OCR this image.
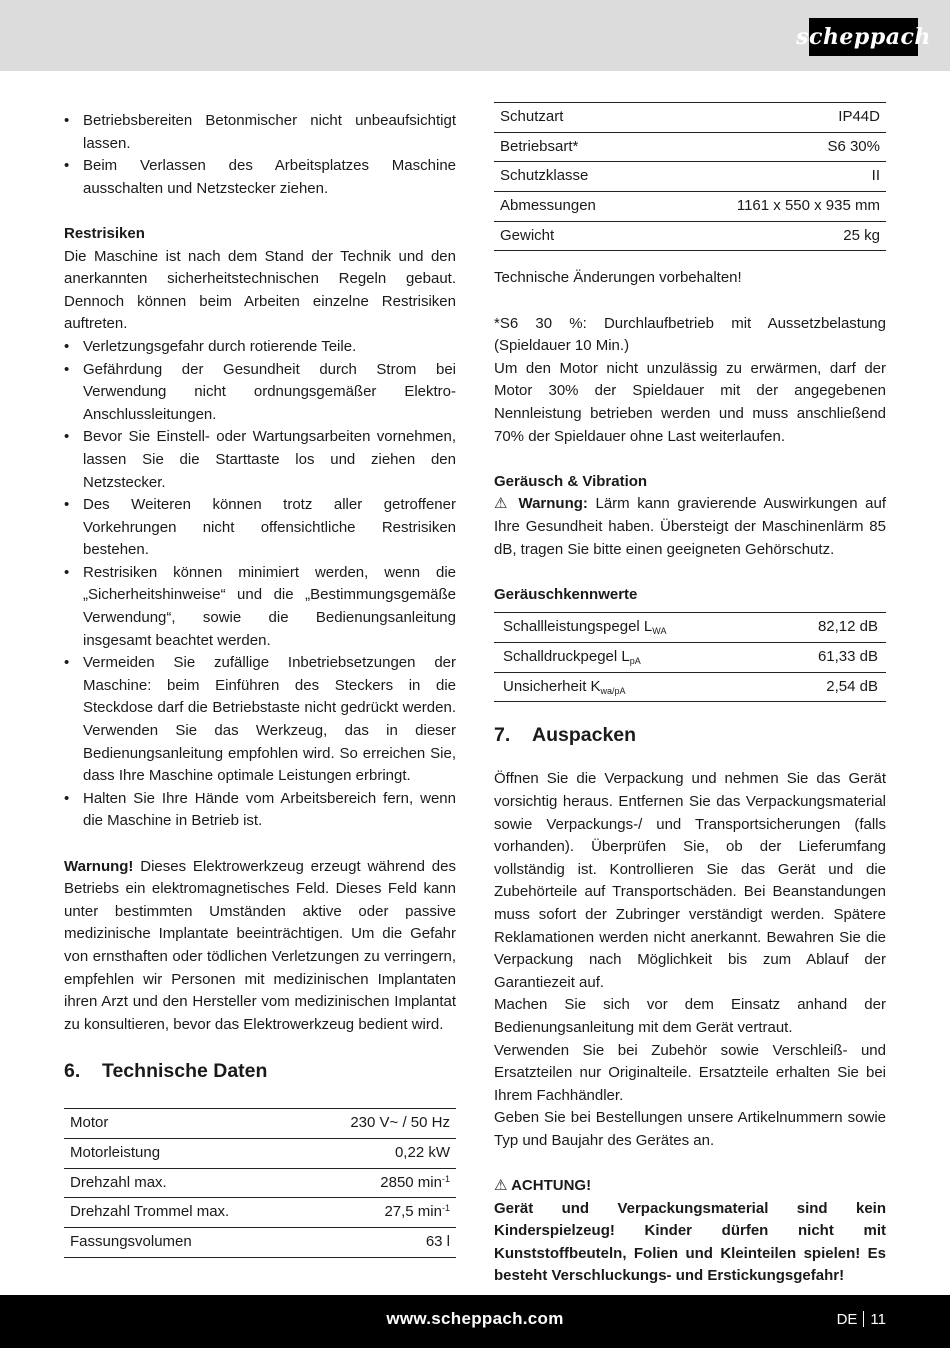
scheppach
• Betriebsbereiten Betonmischer nicht unbeaufsichtigt lassen.
• Beim Verlassen des Arbeitsplatzes Maschine ausschalten und Netzstecker ziehen.

Restrisiken

Die Maschine ist nach dem Stand der Technik und den anerkannten sicherheitstechnischen Regeln gebaut. Dennoch können beim Arbeiten einzelne Restrisiken auftreten.

• Verletzungsgefahr durch rotierende Teile.
• Gefährdung der Gesundheit durch Strom bei Verwendung nicht ordnungsgemäßer Elektro-Anschlussleitungen.
• Bevor Sie Einstell- oder Wartungsarbeiten vornehmen, lassen Sie die Starttaste los und ziehen den Netzstecker.
• Des Weiteren können trotz aller getroffener Vorkehrungen nicht offensichtliche Restrisiken bestehen.
• Restrisiken können minimiert werden, wenn die „Sicherheitshinweise“ und die „Bestimmungsgemäße Verwendung“, sowie die Bedienungsanleitung insgesamt beachtet werden.
• Vermeiden Sie zufällige Inbetriebsetzungen der Maschine: beim Einführen des Steckers in die Steckdose darf die Betriebstaste nicht gedrückt werden. Verwenden Sie das Werkzeug, das in dieser Bedienungsanleitung empfohlen wird. So erreichen Sie, dass Ihre Maschine optimale Leistungen erbringt.
• Halten Sie Ihre Hände vom Arbeitsbereich fern, wenn die Maschine in Betrieb ist.

Warnung! Dieses Elektrowerkzeug erzeugt während des Betriebs ein elektromagnetisches Feld. Dieses Feld kann unter bestimmten Umständen aktive oder passive medizinische Implantate beeinträchtigen. Um die Gefahr von ernsthaften oder tödlichen Verletzungen zu verringern, empfehlen wir Personen mit medizinischen Implantaten ihren Arzt und den Hersteller vom medizinischen Implantat zu konsultieren, bevor das Elektrowerkzeug bedient wird.

6. Technische Daten
Motor	230 V~ / 50 Hz
Motorleistung	0,22 kW
Drehzahl max.	2850 $\min^{-1}$
Drehzahl Trommel max.	27,5 $\min^{-1}$
Fassungsvolumen	63 l
Schutzart	IP44D
Betriebsart*	S6 30%
Schutzklasse	II
Abmessungen	1161 x 550 x 935 mm
Gewicht	25 kg

Technische Änderungen vorbehalten!

*S6 30 %: Durchlaufbetrieb mit Aussetzbelastung (Spieldauer 10 Min.)

Um den Motor nicht unzulässig zu erwärmen, darf der Motor 30% der Spieldauer mit der angegebenen Nennleistung betrieben werden und muss anschließend 70% der Spieldauer ohne Last weiterlaufen.

Geräusch & Vibration

⚠ Warnung: Lärm kann gravierende Auswirkungen auf Ihre Gesundheit haben. Übersteigt der Maschinenlärm 85 dB, tragen Sie bitte einen geeigneten Gehörschutz.

Geräuschkennwerte

Schallleistungspegel $L_{WA}$	82,12 dB
Schalldruckpegel $L_{pA}$	61,33 dB
Unsicherheit $K_{wa/pA}$	2,54 dB
7. Auspacken

Öffnen Sie die Verpackung und nehmen Sie das Gerät vorsichtig heraus. Entfernen Sie das Verpackungsmaterial sowie Verpackungs-/ und Transportsicherungen (falls vorhanden). Überprüfen Sie, ob der Lieferumfang vollständig ist. Kontrollieren Sie das Gerät und die Zubehörteile auf Transportschäden. Bei Beanstandungen muss sofort der Zubringer verständigt werden. Spätere Reklamationen werden nicht anerkannt. Bewahren Sie die Verpackung nach Möglichkeit bis zum Ablauf der Garantiezeit auf.

Machen Sie sich vor dem Einsatz anhand der Bedienungsanleitung mit dem Gerät vertraut.

Verwenden Sie bei Zubehör sowie Verschleiß- und Ersatzteilen nur Originalteile. Ersatzteile erhalten Sie bei Ihrem Fachhändler.

Geben Sie bei Bestellungen unsere Artikelnummern sowie Typ und Baujahr des Gerätes an.

⚠ ACHTUNG!

Gerät und Verpackungsmaterial sind kein Kinderspielzeug! Kinder dürfen nicht mit Kunststoffbeuteln, Folien und Kleinteilen spielen! Es besteht Verschluckungs- und Erstickungsgefahr!

www.scheppach.com	DE 11
